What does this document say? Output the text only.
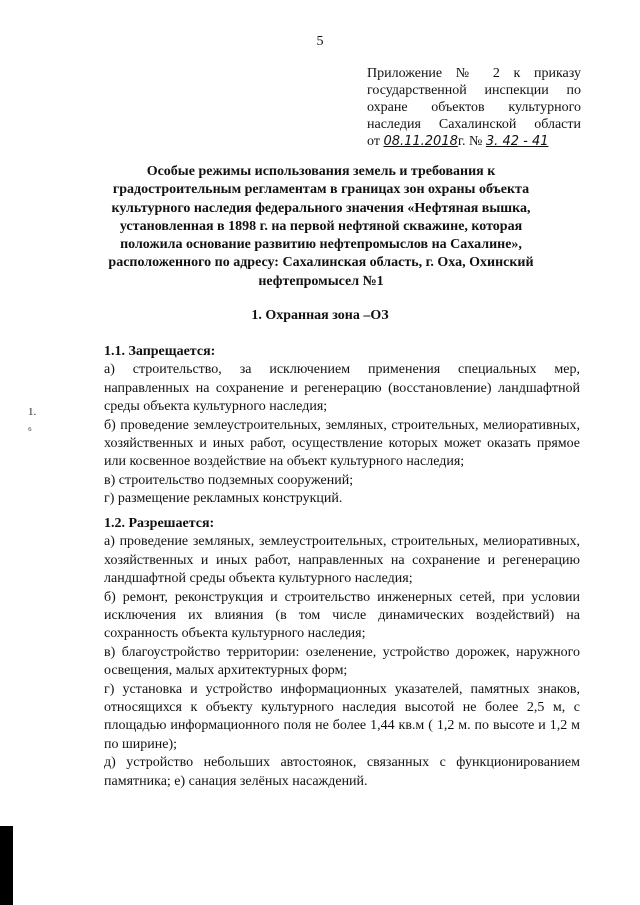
5
Приложение № 2 к приказу
государственной инспекции по
охране объектов культурного
наследия Сахалинской области
от 08.11.2018г. № 3. 42 - 41
Особые режимы использования земель и требования к градостроительным регламентам в границах зон охраны объекта культурного наследия федерального значения «Нефтяная вышка, установленная в 1898 г. на первой нефтяной скважине, которая положила основание развитию нефтепромыслов на Сахалине», расположенного по адресу: Сахалинская область, г. Оха, Охинский нефтепромысел №1
1. Охранная зона –ОЗ
1.1. Запрещается:

а) строительство, за исключением применения специальных мер, направленных на сохранение и регенерацию (восстановление) ландшафтной среды объекта культурного наследия;

б) проведение землеустроительных, земляных, строительных, мелиоративных, хозяйственных и иных работ, осуществление которых может оказать прямое или косвенное воздействие на объект культурного наследия;

в) строительство подземных сооружений;

г) размещение рекламных конструкций.

1.2. Разрешается:

а) проведение земляных, землеустроительных, строительных, мелиоративных, хозяйственных и иных работ, направленных на сохранение и регенерацию ландшафтной среды объекта культурного наследия;

б) ремонт, реконструкция и строительство инженерных сетей, при условии исключения их влияния (в том числе динамических воздействий) на сохранность объекта культурного наследия;

в) благоустройство территории: озеленение, устройство дорожек, наружного освещения, малых архитектурных форм;

г) установка и устройство информационных указателей, памятных знаков, относящихся к объекту культурного наследия высотой не более 2,5 м, с площадью информационного поля не более 1,44 кв.м ( 1,2 м. по высоте и 1,2 м по ширине);

д) устройство небольших автостоянок, связанных с функционированием памятника; е) санация зелёных насаждений.

1.
₆
